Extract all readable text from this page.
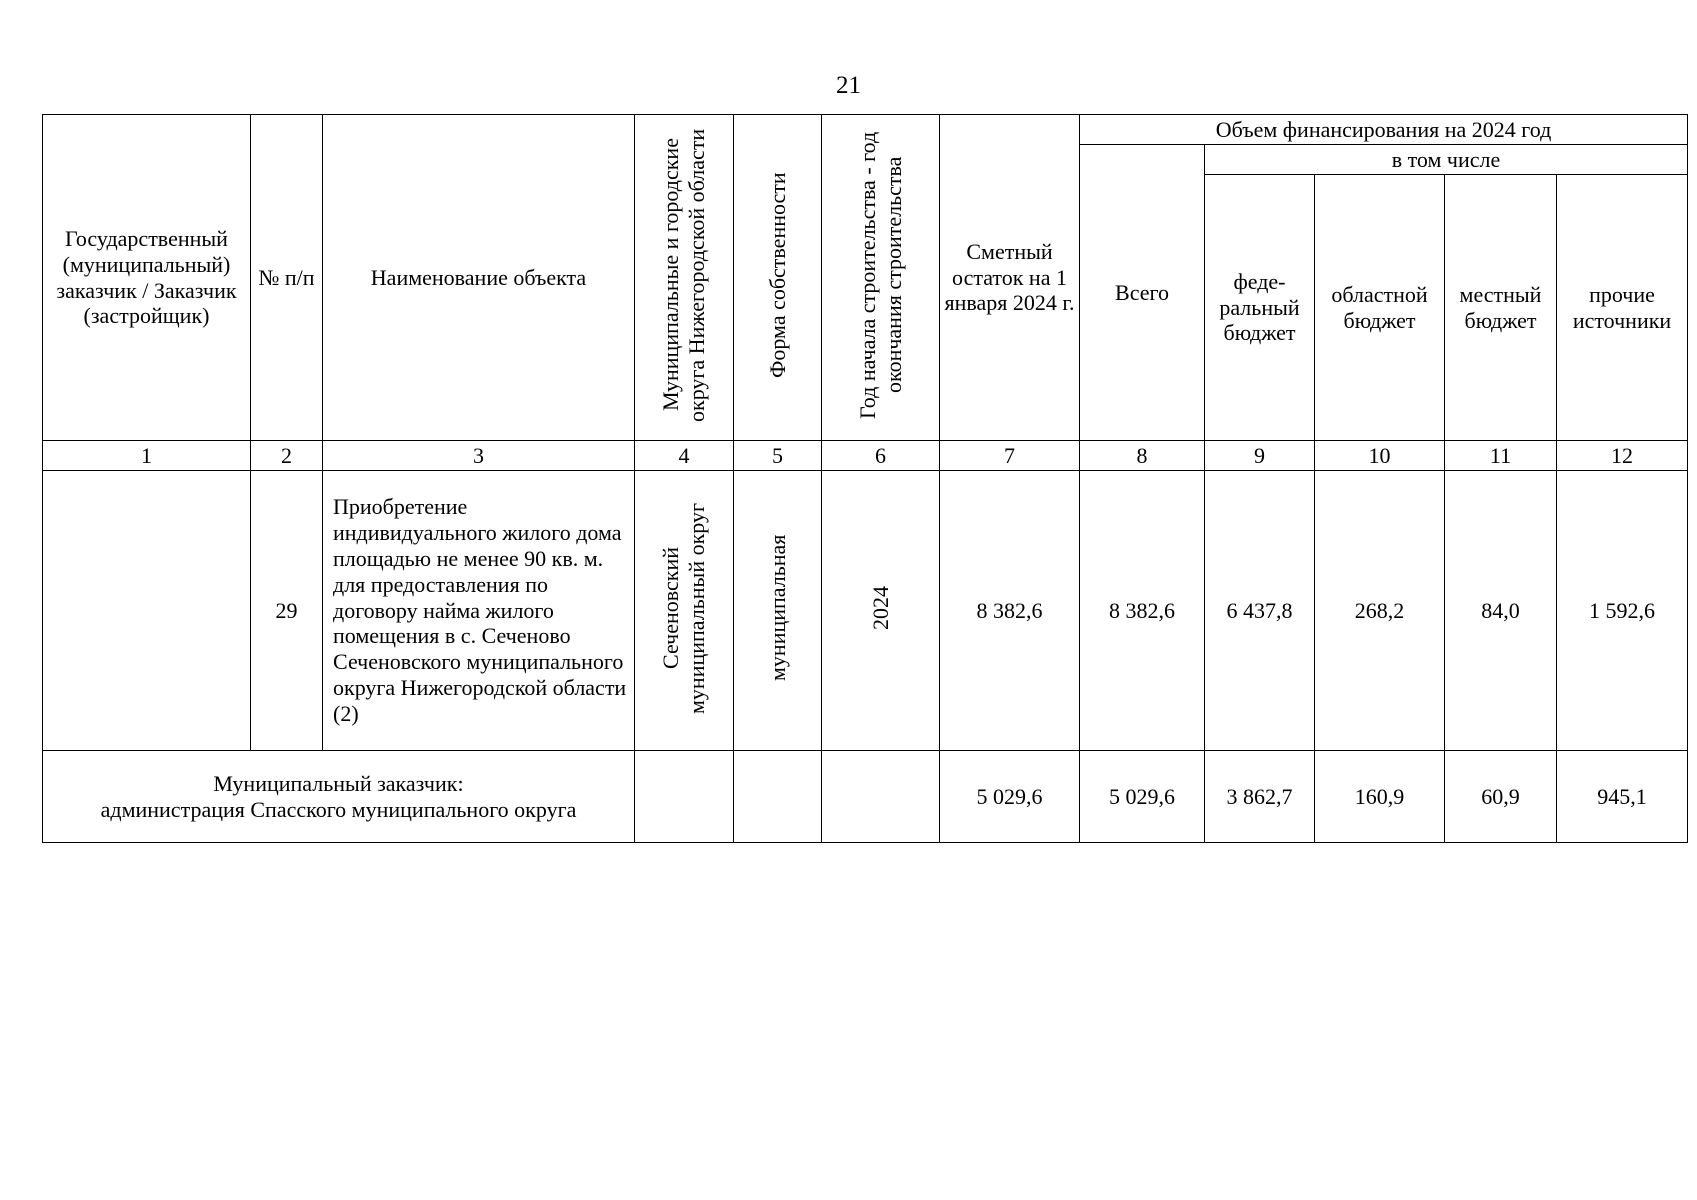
21
Государственный (муниципальный) заказчик / Заказчик (застройщик)	№ п/п	Наименование объекта	Муниципальные и городские округа Нижегородской области	Форма собственности	Год начала строительства - год окончания строительства	Сметный остаток на 1 января 2024 г.	Объем финансирования на 2024 год				
							Всего	в том числе			
								феде-ральный бюджет	областной бюджет	местный бюджет	прочие источники
1	2	3	4	5	6	7	8	9	10	11	12
	29	Приобретение индивидуального жилого дома площадью не менее 90 кв. м. для предоставления по договору найма жилого помещения в с. Сеченово Сеченовского муниципального округа Нижегородской области (2)	Сеченовский муниципальный округ	муниципальная	2024	8 382,6	8 382,6	6 437,8	268,2	84,0	1 592,6

Муниципальный заказчик:
администрация Спасского муниципального округа						5 029,6	5 029,6	3 862,7	160,9	60,9	945,1
